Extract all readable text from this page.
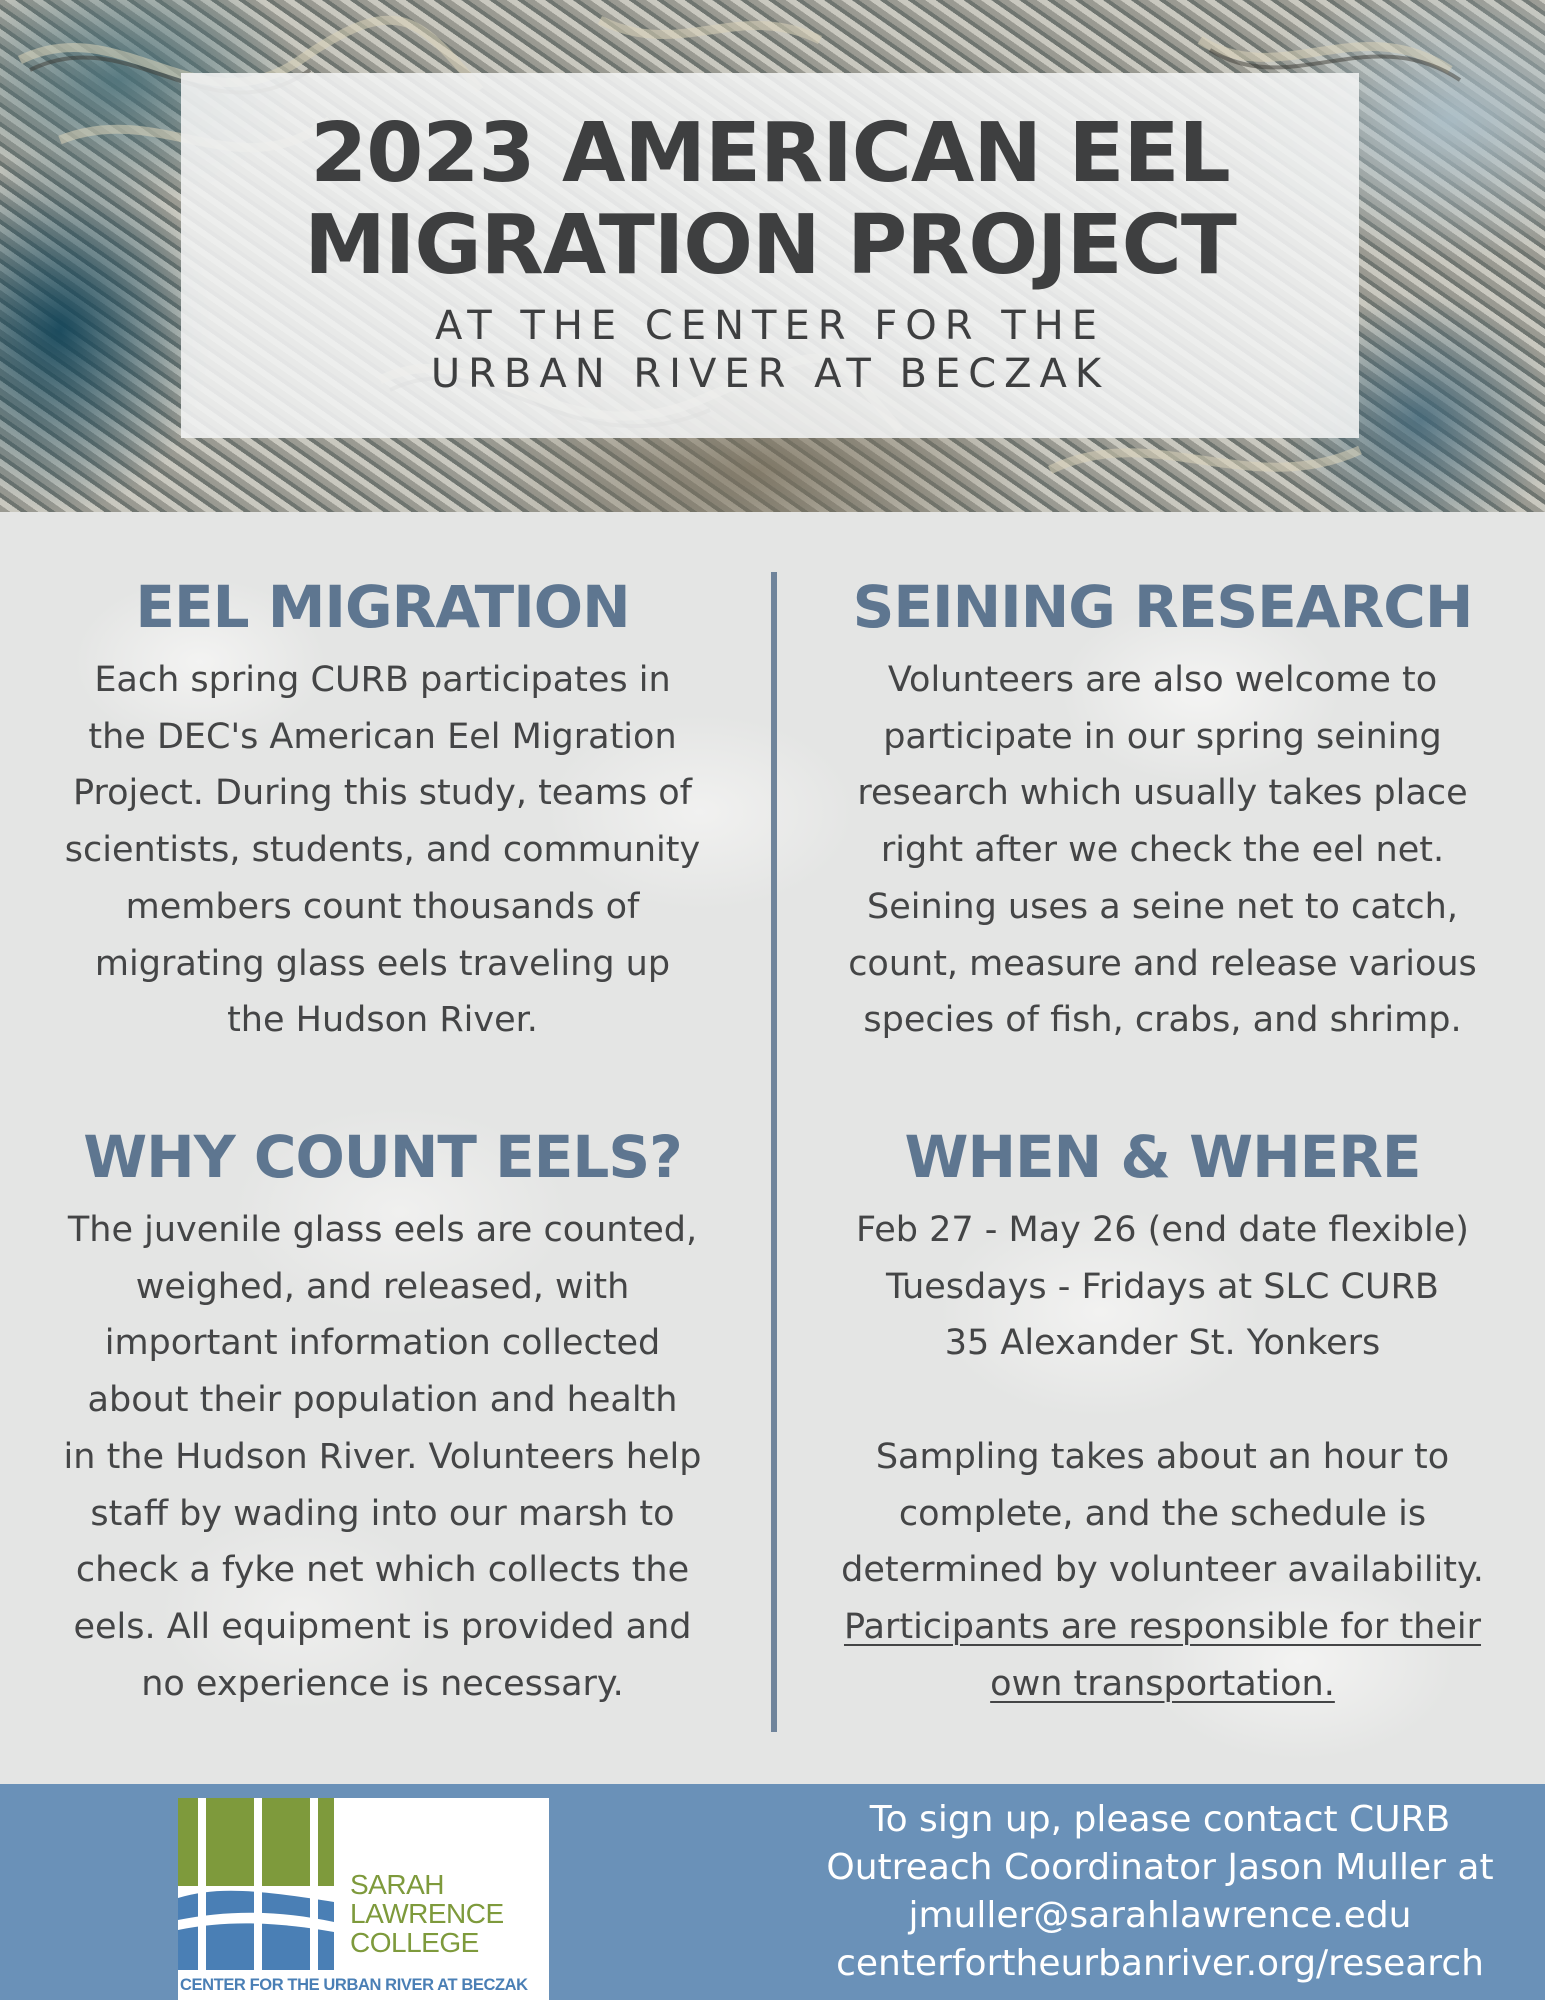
2023 AMERICAN EEL
MIGRATION PROJECT
AT THE CENTER FOR THE
URBAN RIVER AT BECZAK
EEL MIGRATION
Each spring CURB participates in
the DEC's American Eel Migration
Project. During this study, teams of
scientists, students, and community
members count thousands of
migrating glass eels traveling up
the Hudson River.
SEINING RESEARCH
Volunteers are also welcome to
participate in our spring seining
research which usually takes place
right after we check the eel net.
Seining uses a seine net to catch,
count, measure and release various
species of fish, crabs, and shrimp.
WHY COUNT EELS?
The juvenile glass eels are counted,
weighed, and released, with
important information collected
about their population and health
in the Hudson River. Volunteers help
staff by wading into our marsh to
check a fyke net which collects the
eels. All equipment is provided and
no experience is necessary.
WHEN & WHERE
Feb 27 - May 26 (end date flexible)
Tuesdays - Fridays at SLC CURB
35 Alexander St. Yonkers
Sampling takes about an hour to
complete, and the schedule is
determined by volunteer availability.
Participants are responsible for their
own transportation.
SARAH
LAWRENCE
COLLEGE
CENTER FOR THE URBAN RIVER AT BECZAK
To sign up, please contact CURB
Outreach Coordinator Jason Muller at
jmuller@sarahlawrence.edu
centerfortheurbanriver.org/research
